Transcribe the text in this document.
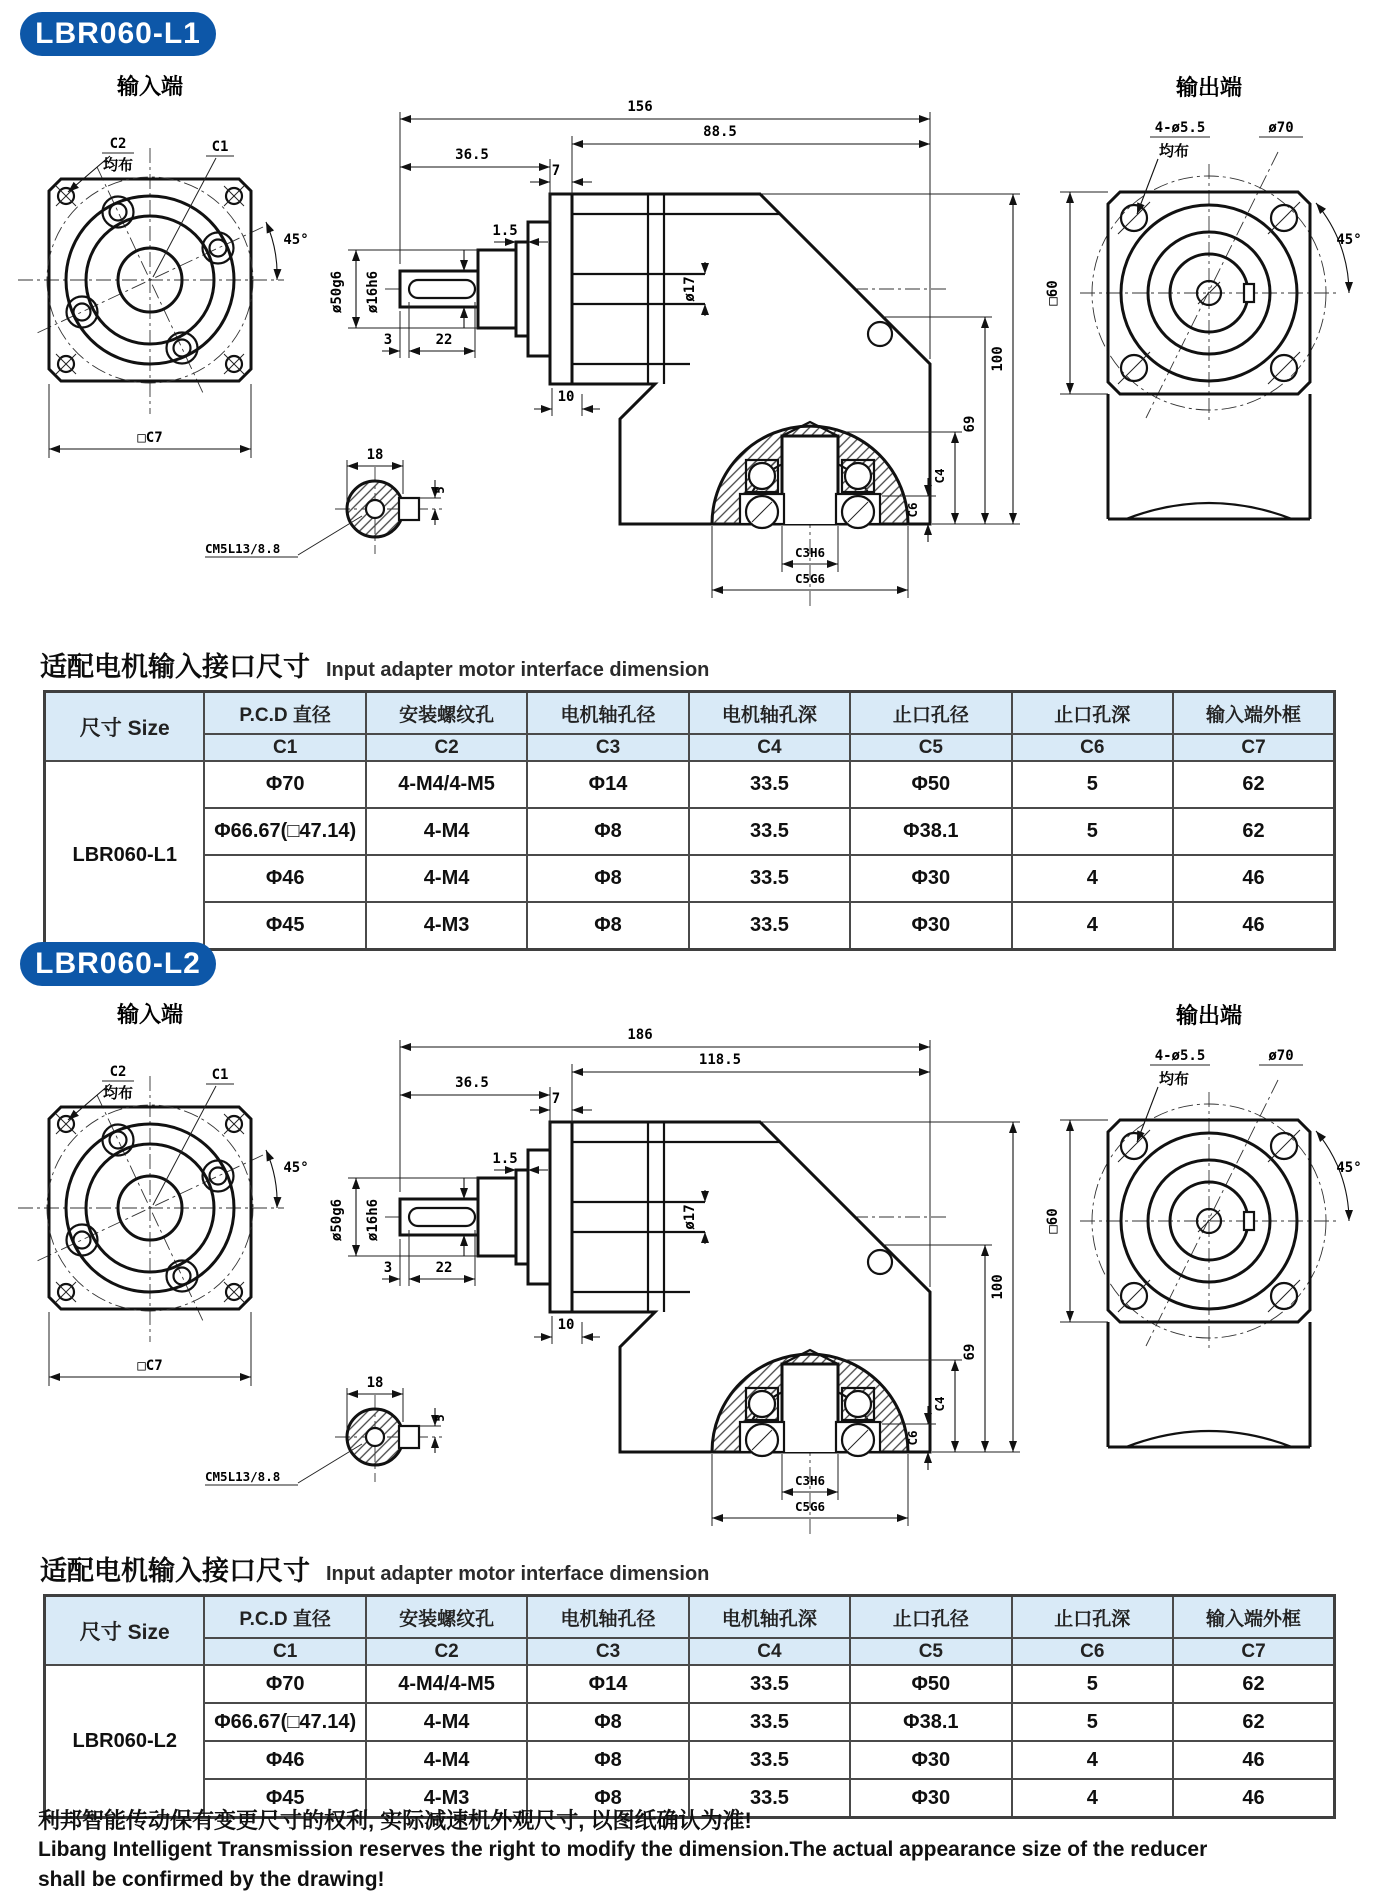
LBR060-L1
输入端
45°
C2
均布
C1
□C7
156
88.5
36.5
7
1.5
ø50g6 ø16h6	ø17
3	22
10
C3H6
C5G6
100
69
C4
C6
18
5
CM5L13/8.8
输出端
45°
4-ø5.5
均布
ø70
□60
适配电机输入接口尺寸 Input adapter motor interface dimension
尺寸 Size	P.C.D 直径	安装螺纹孔	电机轴孔径	电机轴孔深	止口孔径	止口孔深	输入端外框
	C1	C2	C3	C4	C5	C6	C7
LBR060-L1	Φ70	4-M4/4-M5	Φ14	33.5	Φ50	5	62
	Φ66.67(□47.14)	4-M4	Φ8	33.5	Φ38.1	5	62
	Φ46	4-M4	Φ8	33.5	Φ30	4	46
	Φ45	4-M3	Φ8	33.5	Φ30	4	46
LBR060-L2
输入端
45°
C2
均布
C1
□C7
186
118.5
36.5
7
1.5
ø50g6 ø16h6	ø17
3	22
10
C3H6
C5G6
100
69
C4
C6
18
5
CM5L13/8.8
输出端
45°
4-ø5.5
均布
ø70
□60
适配电机输入接口尺寸 Input adapter motor interface dimension
尺寸 Size	P.C.D 直径	安装螺纹孔	电机轴孔径	电机轴孔深	止口孔径	止口孔深	输入端外框
	C1	C2	C3	C4	C5	C6	C7
LBR060-L2	Φ70	4-M4/4-M5	Φ14	33.5	Φ50	5	62
	Φ66.67(□47.14)	4-M4	Φ8	33.5	Φ38.1	5	62
	Φ46	4-M4	Φ8	33.5	Φ30	4	46
	Φ45	4-M3	Φ8	33.5	Φ30	4	46
利邦智能传动保有变更尺寸的权利, 实际减速机外观尺寸, 以图纸确认为准!
Libang Intelligent Transmission reserves the right to modify the dimension.The actual appearance size of the reducer
shall be confirmed by the drawing!
